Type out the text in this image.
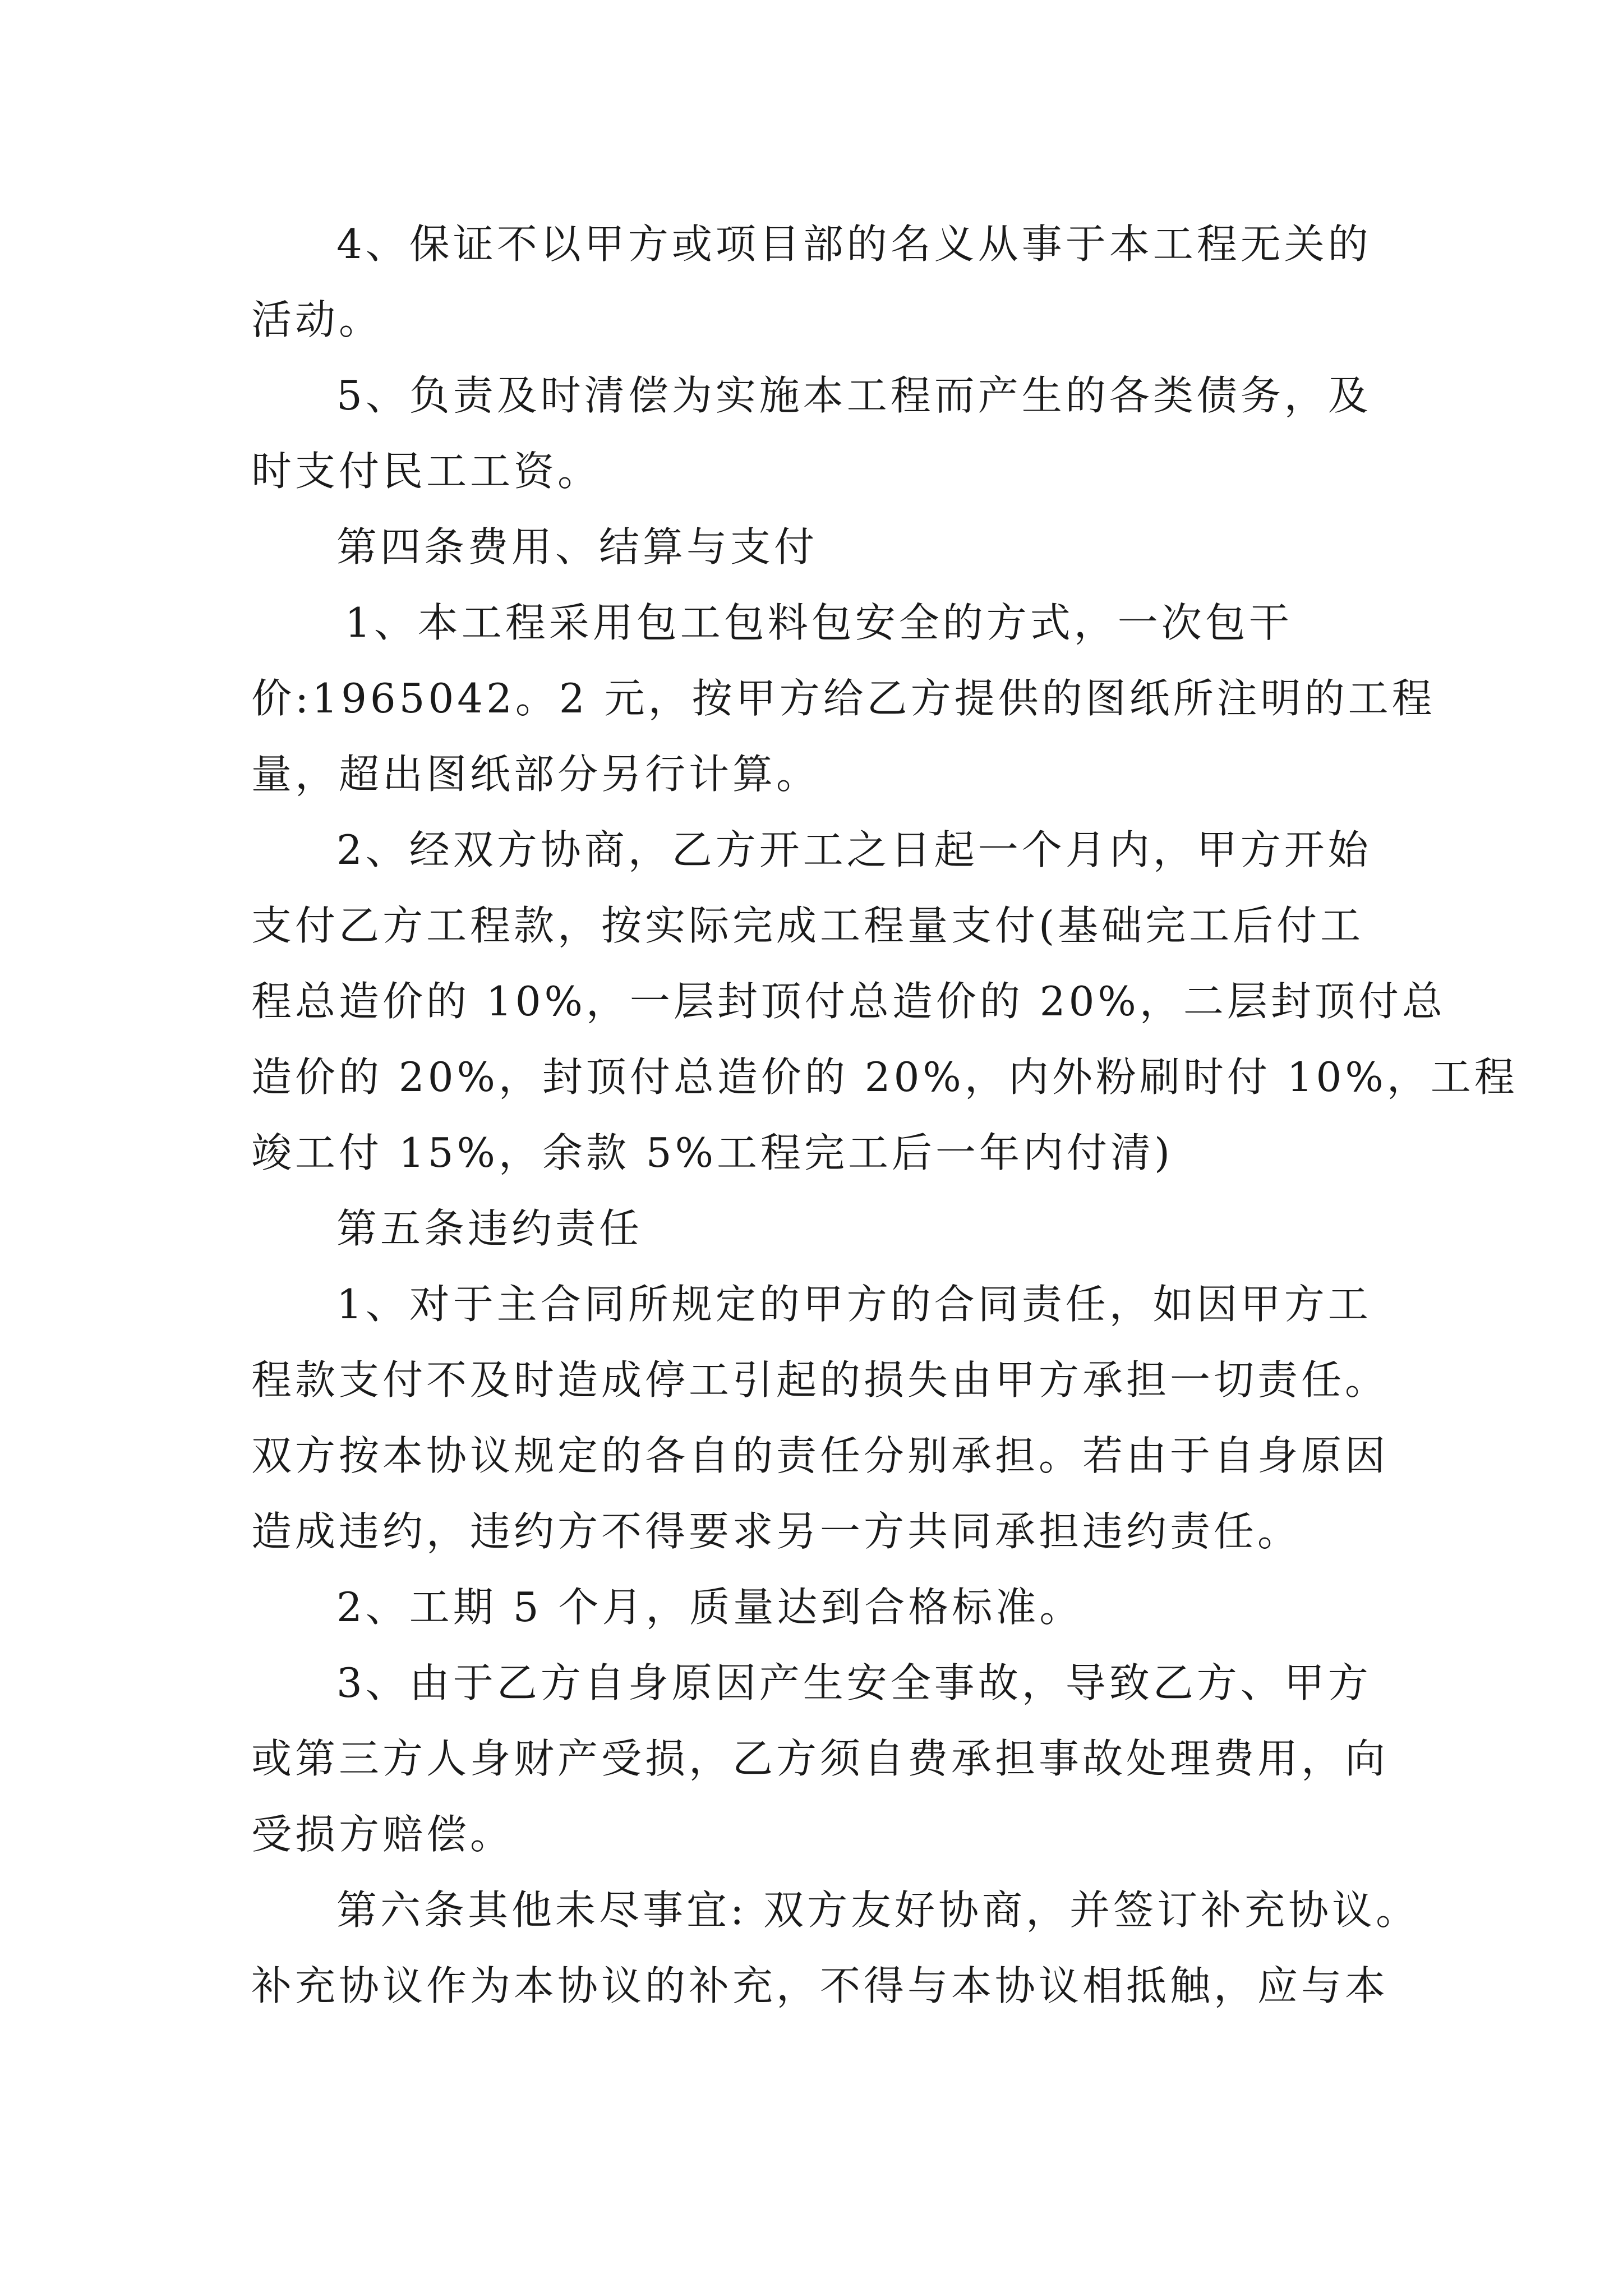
4、保证不以甲方或项目部的名义从事于本工程无关的
活动。
5、负责及时清偿为实施本工程而产生的各类债务，及
时支付民工工资。
第四条费用、结算与支付
1、本工程采用包工包料包安全的方式，一次包干
价:1965042。2 元，按甲方给乙方提供的图纸所注明的工程
量，超出图纸部分另行计算。
2、经双方协商，乙方开工之日起一个月内，甲方开始
支付乙方工程款，按实际完成工程量支付(基础完工后付工
程总造价的 10%，一层封顶付总造价的 20%，二层封顶付总
造价的 20%，封顶付总造价的 20%，内外粉刷时付 10%，工程
竣工付 15%，余款 5%工程完工后一年内付清)
第五条违约责任
1、对于主合同所规定的甲方的合同责任，如因甲方工
程款支付不及时造成停工引起的损失由甲方承担一切责任。
双方按本协议规定的各自的责任分别承担。若由于自身原因
造成违约，违约方不得要求另一方共同承担违约责任。
2、工期 5 个月，质量达到合格标准。
3、由于乙方自身原因产生安全事故，导致乙方、甲方
或第三方人身财产受损，乙方须自费承担事故处理费用，向
受损方赔偿。
第六条其他未尽事宜: 双方友好协商，并签订补充协议。
补充协议作为本协议的补充，不得与本协议相抵触，应与本
